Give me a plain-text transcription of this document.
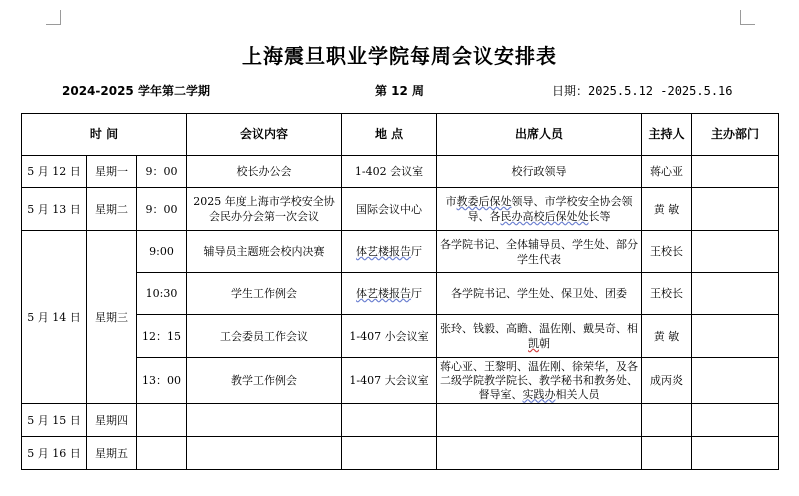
上海震旦职业学院每周会议安排表
2024-2025 学年第二学期	第 12 周	日期：2025.5.12 -2025.5.16
时 间			会议内容	地 点	出席人员	主持人	主办部门
5 月 12 日	星期一	9：00	校长办公会	1-402 会议室	校行政领导	蒋心亚	
5 月 13 日	星期二	9：00	2025 年度上海市学校安全协会民办分会第一次会议	国际会议中心	市教委后保处领导、市学校安全协会领导、各民办高校后保处处长等	黄 敏	
5 月 14 日	星期三	9:00	辅导员主题班会校内决赛	体艺楼报告厅	各学院书记、全体辅导员、学生处、部分学生代表	王校长	
		10:30	学生工作例会	体艺楼报告厅	各学院书记、学生处、保卫处、团委	王校长	
		12：15	工会委员工作会议	1-407 小会议室	张玲、钱毅、高瞻、温佐刚、戴昊奇、相凯朝	黄 敏	
		13：00	教学工作例会	1-407 大会议室	蒋心亚、王黎明、温佐刚、徐荣华，及各二级学院教学院长、教学秘书和教务处、督导室、实践办相关人员	成丙炎	
5 月 15 日	星期四						
5 月 16 日	星期五						
